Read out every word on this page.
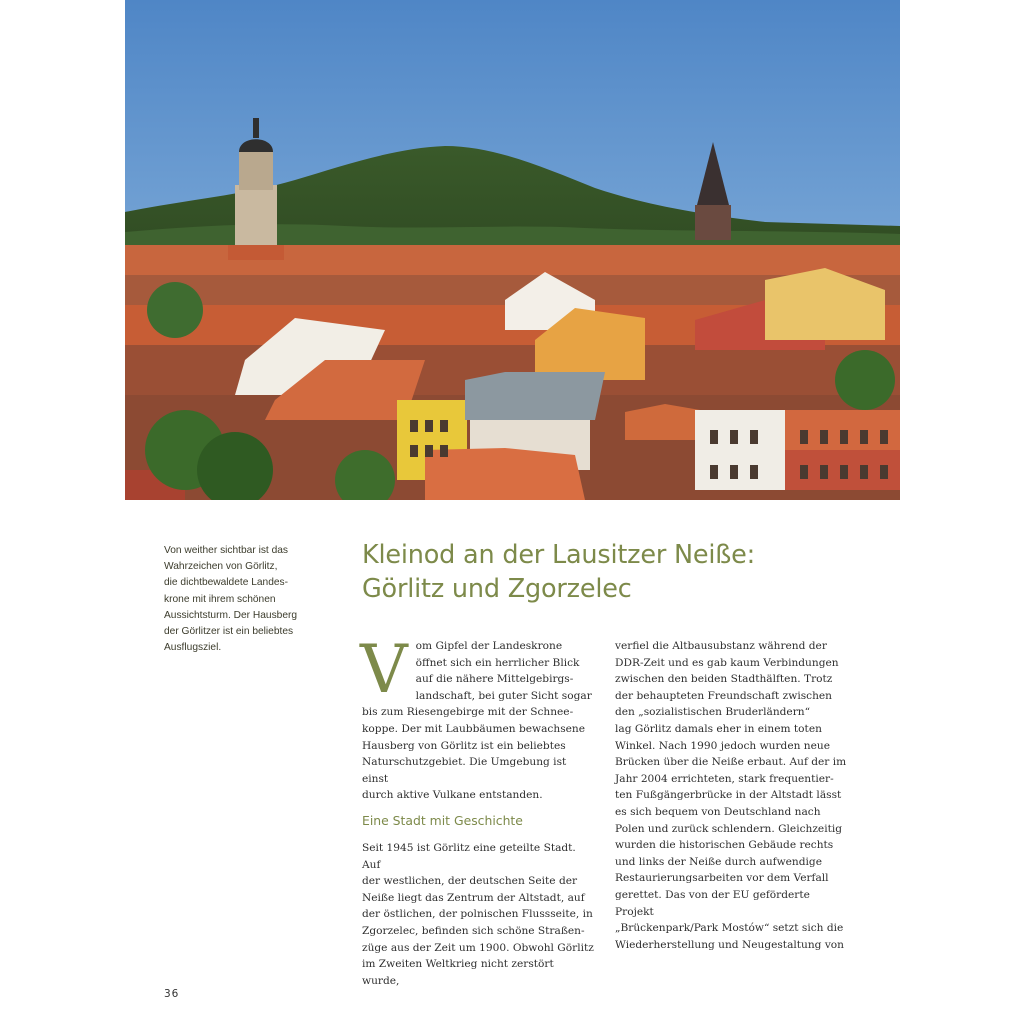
Von weither sichtbar ist das

Wahrzeichen von Görlitz,

die dichtbewaldete Landes-

krone mit ihrem schönen

Aussichtsturm. Der Hausberg

der Görlitzer ist ein beliebtes

Ausflugsziel.

Kleinod an der Lausitzer Neiße:
Görlitz und Zgorzelec
V om Gipfel der Landeskrone

öffnet sich ein herrlicher Blick

auf die nähere Mittelgebirgs-

landschaft, bei guter Sicht sogar

bis zum Riesengebirge mit der Schnee-

koppe. Der mit Laubbäumen bewachsene

Hausberg von Görlitz ist ein beliebtes

Naturschutzgebiet. Die Umgebung ist einst

durch aktive Vulkane entstanden.

Eine Stadt mit Geschichte

Seit 1945 ist Görlitz eine geteilte Stadt. Auf

der westlichen, der deutschen Seite der

Neiße liegt das Zentrum der Altstadt, auf

der östlichen, der polnischen Flussseite, in

Zgorzelec, befinden sich schöne Straßen-

züge aus der Zeit um 1900. Obwohl Görlitz

im Zweiten Weltkrieg nicht zerstört wurde,

verfiel die Altbausubstanz während der

DDR-Zeit und es gab kaum Verbindungen

zwischen den beiden Stadthälften. Trotz

der behaupteten Freundschaft zwischen

den „sozialistischen Bruderländern“

lag Görlitz damals eher in einem toten

Winkel. Nach 1990 jedoch wurden neue

Brücken über die Neiße erbaut. Auf der im

Jahr 2004 errichteten, stark frequentier-

ten Fußgängerbrücke in der Altstadt lässt

es sich bequem von Deutschland nach

Polen und zurück schlendern. Gleichzeitig

wurden die historischen Gebäude rechts

und links der Neiße durch aufwendige

Restaurierungsarbeiten vor dem Verfall

gerettet. Das von der EU geförderte Projekt

„Brückenpark/Park Mostów“ setzt sich die

Wiederherstellung und Neugestaltung von

36
